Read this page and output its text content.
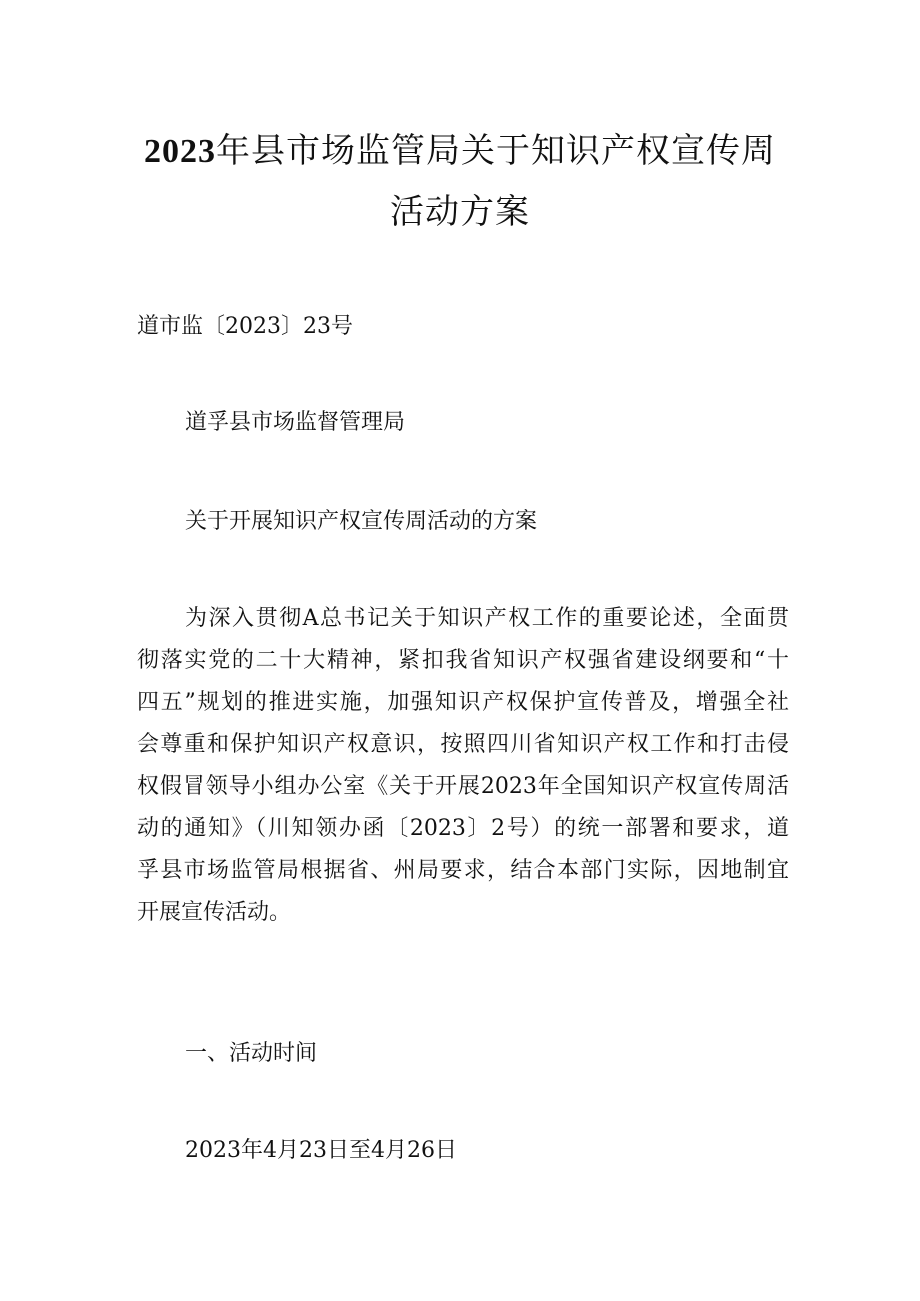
2023年县市场监管局关于知识产权宣传周
活动方案

道市监〔2023〕23号

道孚县市场监督管理局

关于开展知识产权宣传周活动的方案

为深入贯彻A总书记关于知识产权工作的重要论述，全面贯
彻落实党的二十大精神，紧扣我省知识产权强省建设纲要和“十
四五”规划的推进实施，加强知识产权保护宣传普及，增强全社
会尊重和保护知识产权意识，按照四川省知识产权工作和打击侵
权假冒领导小组办公室《关于开展2023年全国知识产权宣传周活
动的通知》（川知领办函〔2023〕2号）的统一部署和要求，道
孚县市场监管局根据省、州局要求，结合本部门实际，因地制宜
开展宣传活动。

一、活动时间

2023年4月23日至4月26日
